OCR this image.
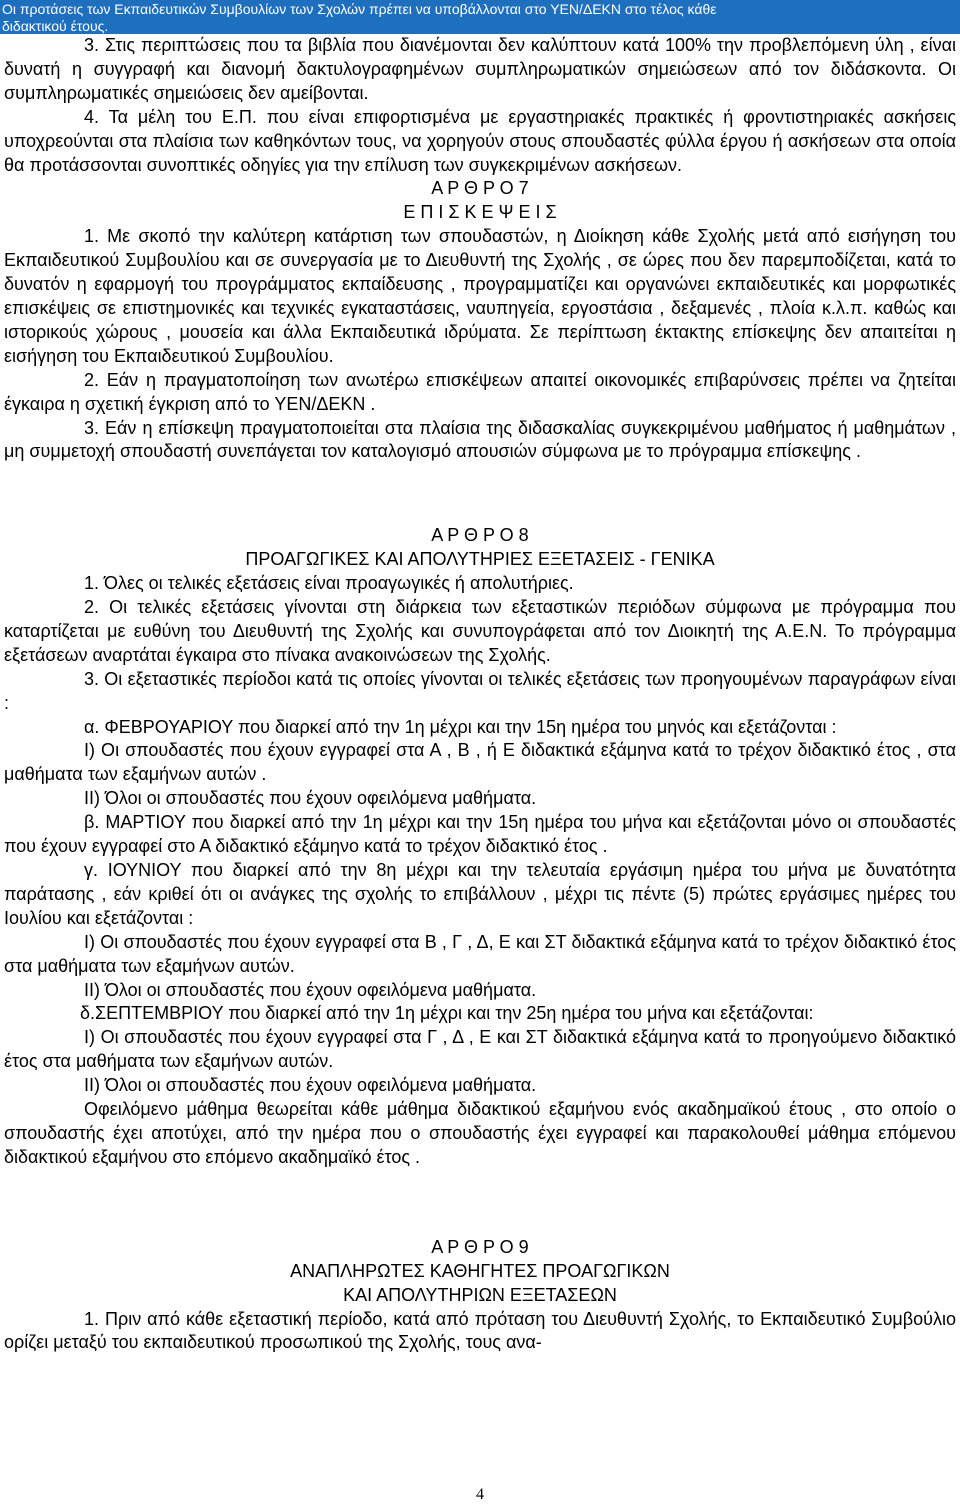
Οι προτάσεις των Εκπαιδευτικών Συμβουλίων των Σχολών πρέπει να υποβάλλονται στο ΥΕΝ/ΔΕΚΝ στο τέλος κάθε
διδακτικού έτους.

3. Στις περιπτώσεις που τα βιβλία που διανέμονται δεν καλύπτουν κατά 100% την προβλεπόμενη ύλη , είναι δυνατή η συγγραφή και διανομή δακτυλογραφημένων συμπληρωματικών σημειώσεων από τον διδάσκοντα. Οι συμπληρωματικές σημειώσεις δεν αμείβονται.

4. Τα μέλη του Ε.Π. που είναι επιφορτισμένα με εργαστηριακές πρακτικές ή φροντιστηριακές ασκήσεις υποχρεούνται στα πλαίσια των καθηκόντων τους, να χορηγούν στους σπουδαστές φύλλα έργου ή ασκήσεων στα οποία θα προτάσσονται συνοπτικές οδηγίες για την επίλυση των συγκεκριμένων ασκήσεων.

Α Ρ Θ Ρ Ο 7

Ε Π Ι Σ Κ Ε Ψ Ε Ι Σ

1. Με σκοπό την καλύτερη κατάρτιση των σπουδαστών, η Διοίκηση κάθε Σχολής μετά από εισήγηση του Εκπαιδευτικού Συμβουλίου και σε συνεργασία με το Διευθυντή της Σχολής , σε ώρες που δεν παρεμποδίζεται, κατά το δυνατόν η εφαρμογή του προγράμματος εκπαίδευσης , προγραμματίζει και οργανώνει εκπαιδευτικές και μορφωτικές επισκέψεις σε επιστημονικές και τεχνικές εγκαταστάσεις, ναυπηγεία, εργοστάσια , δεξαμενές , πλοία κ.λ.π. καθώς και ιστορικούς χώρους , μουσεία και άλλα Εκπαιδευτικά ιδρύματα. Σε περίπτωση έκτακτης επίσκεψης δεν απαιτείται η εισήγηση του Εκπαιδευτικού Συμβουλίου.

2. Εάν η πραγματοποίηση των ανωτέρω επισκέψεων απαιτεί οικονομικές επιβαρύνσεις πρέπει να ζητείται έγκαιρα η σχετική έγκριση από το ΥΕΝ/ΔΕΚΝ .

3. Εάν η επίσκεψη πραγματοποιείται στα πλαίσια της διδασκαλίας συγκεκριμένου μαθήματος ή μαθημάτων , μη συμμετοχή σπουδαστή συνεπάγεται τον καταλογισμό απουσιών σύμφωνα με το πρόγραμμα επίσκεψης .

Α Ρ Θ Ρ Ο 8

ΠΡΟΑΓΩΓΙΚΕΣ ΚΑΙ ΑΠΟΛΥΤΗΡΙΕΣ ΕΞΕΤΑΣΕΙΣ - ΓΕΝΙΚΑ

1. Όλες οι τελικές εξετάσεις είναι προαγωγικές ή απολυτήριες.

2. Οι τελικές εξετάσεις γίνονται στη διάρκεια των εξεταστικών περιόδων σύμφωνα με πρόγραμμα που καταρτίζεται με ευθύνη του Διευθυντή της Σχολής και συνυπογράφεται από τον Διοικητή της Α.Ε.Ν. Το πρόγραμμα εξετάσεων αναρτάται έγκαιρα στο πίνακα ανακοινώσεων της Σχολής.

3. Οι εξεταστικές περίοδοι κατά τις οποίες γίνονται οι τελικές εξετάσεις των προηγουμένων παραγράφων είναι :

α. ΦΕΒΡΟΥΑΡΙΟΥ που διαρκεί από την 1η μέχρι και την 15η ημέρα του μηνός και εξετάζονται :

Ι) Οι σπουδαστές που έχουν εγγραφεί στα Α , Β , ή Ε διδακτικά εξάμηνα κατά το τρέχον διδακτικό έτος , στα μαθήματα των εξαμήνων αυτών .

ΙΙ) Όλοι οι σπουδαστές που έχουν οφειλόμενα μαθήματα.

β. ΜΑΡΤΙΟΥ που διαρκεί από την 1η μέχρι και την 15η ημέρα του μήνα και εξετάζονται μόνο οι σπουδαστές που έχουν εγγραφεί στο Α διδακτικό εξάμηνο κατά το τρέχον διδακτικό έτος .

γ. ΙΟΥΝΙΟΥ που διαρκεί από την 8η μέχρι και την τελευταία εργάσιμη ημέρα του μήνα με δυνατότητα παράτασης , εάν κριθεί ότι οι ανάγκες της σχολής το επιβάλλουν , μέχρι τις πέντε (5) πρώτες εργάσιμες ημέρες του Ιουλίου και εξετάζονται :

Ι) Οι σπουδαστές που έχουν εγγραφεί στα Β , Γ , Δ, Ε και ΣΤ διδακτικά εξάμηνα κατά το τρέχον διδακτικό έτος στα μαθήματα των εξαμήνων αυτών.

ΙΙ) Όλοι οι σπουδαστές που έχουν οφειλόμενα μαθήματα.

δ.ΣΕΠΤΕΜΒΡΙΟΥ που διαρκεί από την 1η μέχρι και την 25η ημέρα του μήνα και εξετάζονται:

Ι) Οι σπουδαστές που έχουν εγγραφεί στα Γ , Δ , Ε και ΣΤ διδακτικά εξάμηνα κατά το προηγούμενο διδακτικό έτος στα μαθήματα των εξαμήνων αυτών.

ΙΙ) Όλοι οι σπουδαστές που έχουν οφειλόμενα μαθήματα.

Οφειλόμενο μάθημα θεωρείται κάθε μάθημα διδακτικού εξαμήνου ενός ακαδημαϊκού έτους , στο οποίο ο σπουδαστής έχει αποτύχει, από την ημέρα που ο σπουδαστής έχει εγγραφεί και παρακολουθεί μάθημα επόμενου διδακτικού εξαμήνου στο επόμενο ακαδημαϊκό έτος .

Α Ρ Θ Ρ Ο 9

ΑΝΑΠΛΗΡΩΤΕΣ ΚΑΘΗΓΗΤΕΣ ΠΡΟΑΓΩΓΙΚΩΝ

ΚΑΙ ΑΠΟΛΥΤΗΡΙΩΝ ΕΞΕΤΑΣΕΩΝ

1. Πριν από κάθε εξεταστική περίοδο, κατά από πρόταση του Διευθυντή Σχολής, το Εκπαιδευτικό Συμβούλιο ορίζει μεταξύ του εκπαιδευτικού προσωπικού της Σχολής, τους ανα-

4
